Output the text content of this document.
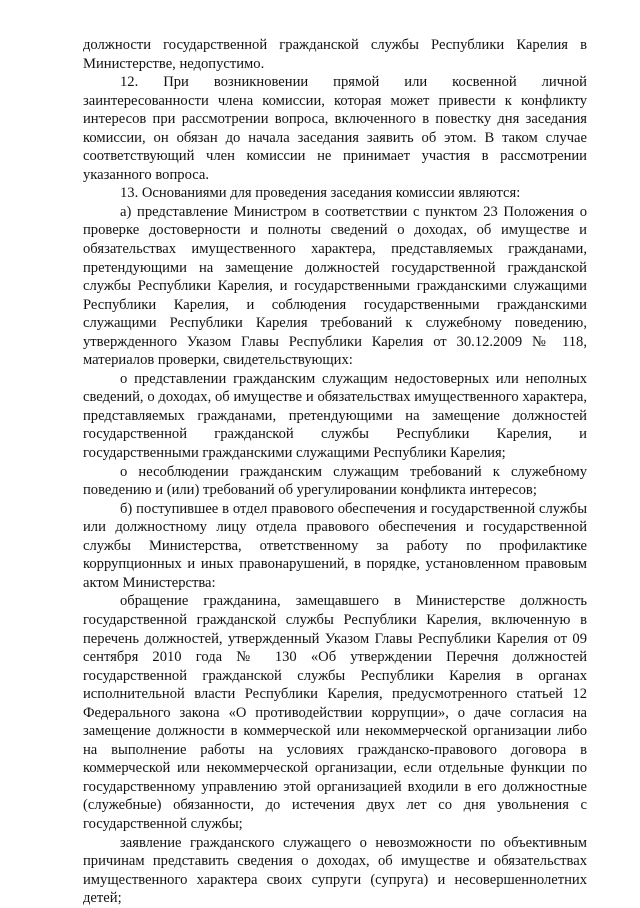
должности государственной гражданской службы Республики Карелия в Министерстве, недопустимо.

12. При возникновении прямой или косвенной личной заинтересованности члена комиссии, которая может привести к конфликту интересов при рассмотрении вопроса, включенного в повестку дня заседания комиссии, он обязан до начала заседания заявить об этом. В таком случае соответствующий член комиссии не принимает участия в рассмотрении указанного вопроса.

13. Основаниями для проведения заседания комиссии являются:

а) представление Министром в соответствии с пунктом 23 Положения о проверке достоверности и полноты сведений о доходах, об имуществе и обязательствах имущественного характера, представляемых гражданами, претендующими на замещение должностей государственной гражданской службы Республики Карелия, и государственными гражданскими служащими Республики Карелия, и соблюдения государственными гражданскими служащими Республики Карелия требований к служебному поведению, утвержденного Указом Главы Республики Карелия от 30.12.2009 № 118, материалов проверки, свидетельствующих:

о представлении гражданским служащим недостоверных или неполных сведений, о доходах, об имуществе и обязательствах имущественного характера, представляемых гражданами, претендующими на замещение должностей государственной гражданской службы Республики Карелия, и государственными гражданскими служащими Республики Карелия;

о несоблюдении гражданским служащим требований к служебному поведению и (или) требований об урегулировании конфликта интересов;

б) поступившее в отдел правового обеспечения и государственной службы или должностному лицу отдела правового обеспечения и государственной службы Министерства, ответственному за работу по профилактике коррупционных и иных правонарушений, в порядке, установленном правовым актом Министерства:

обращение гражданина, замещавшего в Министерстве должность государственной гражданской службы Республики Карелия, включенную в перечень должностей, утвержденный Указом Главы Республики Карелия от 09 сентября 2010 года № 130 «Об утверждении Перечня должностей государственной гражданской службы Республики Карелия в органах исполнительной власти Республики Карелия, предусмотренного статьей 12 Федерального закона «О противодействии коррупции», о даче согласия на замещение должности в коммерческой или некоммерческой организации либо на выполнение работы на условиях гражданско-правового договора в коммерческой или некоммерческой организации, если отдельные функции по государственному управлению этой организацией входили в его должностные (служебные) обязанности, до истечения двух лет со дня увольнения с государственной службы;

заявление гражданского служащего о невозможности по объективным причинам представить сведения о доходах, об имуществе и обязательствах имущественного характера своих супруги (супруга) и несовершеннолетних детей;
